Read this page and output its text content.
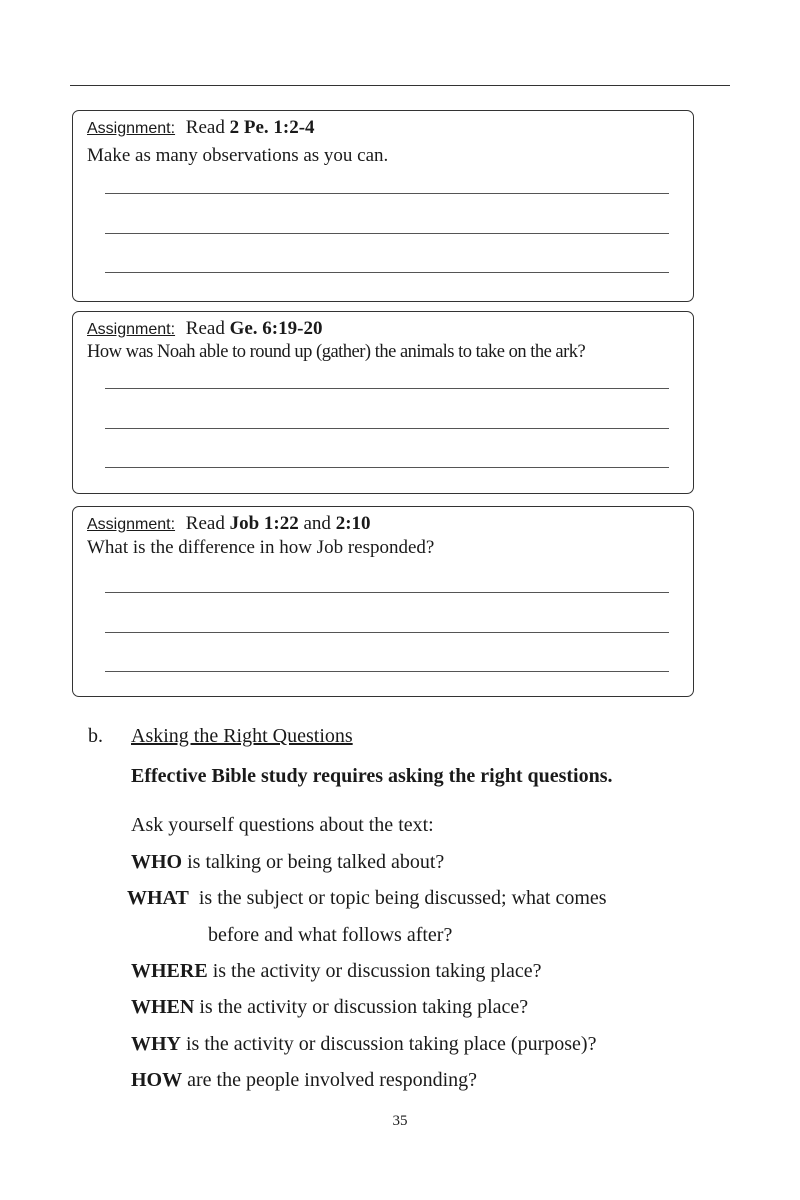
Assignment: Read 2 Pe. 1:2-4
Make as many observations as you can.
Assignment: Read Ge. 6:19-20
How was Noah able to round up (gather) the animals to take on the ark?
Assignment: Read Job 1:22 and 2:10
What is the difference in how Job responded?
b. Asking the Right Questions
Effective Bible study requires asking the right questions.
Ask yourself questions about the text:
WHO is talking or being talked about?
WHAT is the subject or topic being discussed; what comes
before and what follows after?
WHERE is the activity or discussion taking place?
WHEN is the activity or discussion taking place?
WHY is the activity or discussion taking place (purpose)?
HOW are the people involved responding?
35
